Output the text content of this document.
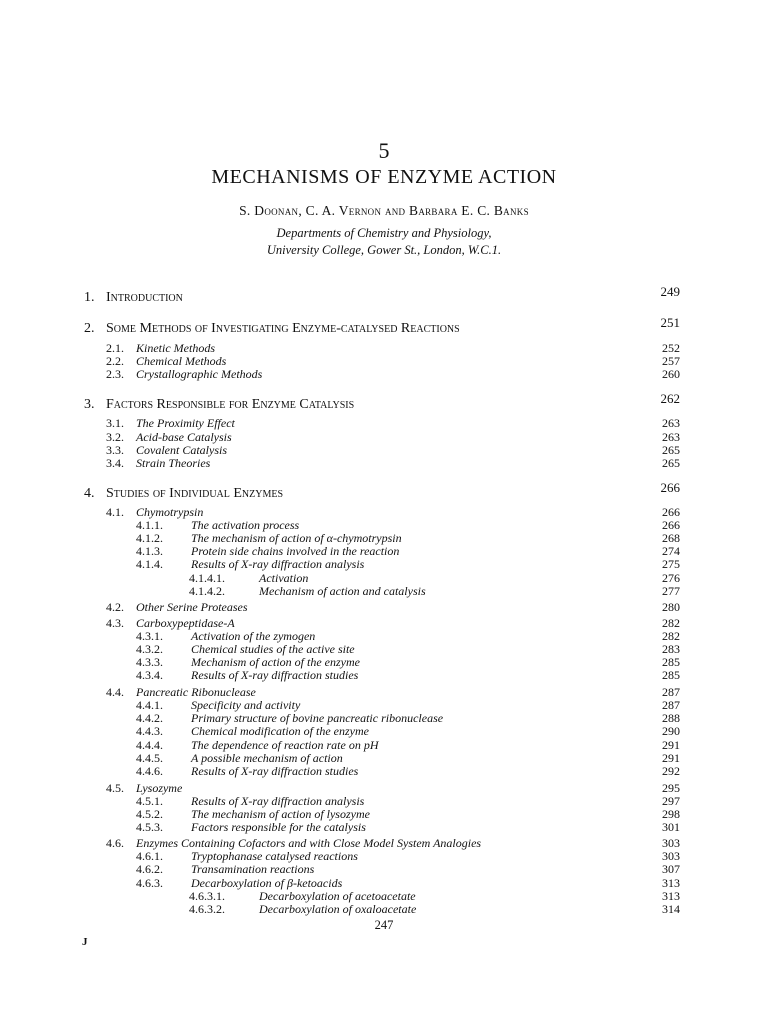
5
MECHANISMS OF ENZYME ACTION
S. Doonan, C. A. Vernon and Barbara E. C. Banks
Departments of Chemistry and Physiology,
University College, Gower St., London, W.C.1.
1. Introduction	249
2. Some Methods of Investigating Enzyme-catalysed Reactions	251
2.1. Kinetic Methods	252
2.2. Chemical Methods	257
2.3. Crystallographic Methods	260
3. Factors Responsible for Enzyme Catalysis	262
3.1. The Proximity Effect	263
3.2. Acid-base Catalysis	263
3.3. Covalent Catalysis	265
3.4. Strain Theories	265
4. Studies of Individual Enzymes	266
4.1. Chymotrypsin	266
4.1.1. The activation process	266
4.1.2. The mechanism of action of α-chymotrypsin	268
4.1.3. Protein side chains involved in the reaction	274
4.1.4. Results of X-ray diffraction analysis	275
4.1.4.1.	Activation	276
4.1.4.2.	Mechanism of action and catalysis	277
4.2. Other Serine Proteases	280
4.3. Carboxypeptidase-A	282
4.3.1. Activation of the zymogen	282
4.3.2. Chemical studies of the active site	283
4.3.3. Mechanism of action of the enzyme	285
4.3.4. Results of X-ray diffraction studies	285
4.4. Pancreatic Ribonuclease	287
4.4.1. Specificity and activity	287
4.4.2. Primary structure of bovine pancreatic ribonuclease	288
4.4.3. Chemical modification of the enzyme	290
4.4.4. The dependence of reaction rate on pH	291
4.4.5. A possible mechanism of action	291
4.4.6. Results of X-ray diffraction studies	292
4.5. Lysozyme	295
4.5.1. Results of X-ray diffraction analysis	297
4.5.2. The mechanism of action of lysozyme	298
4.5.3. Factors responsible for the catalysis	301
4.6. Enzymes Containing Cofactors and with Close Model System Analogies	303
4.6.1. Tryptophanase catalysed reactions	303
4.6.2. Transamination reactions	307
4.6.3. Decarboxylation of β-ketoacids	313
4.6.3.1.	Decarboxylation of acetoacetate	313
4.6.3.2.	Decarboxylation of oxaloacetate	314
247
J
